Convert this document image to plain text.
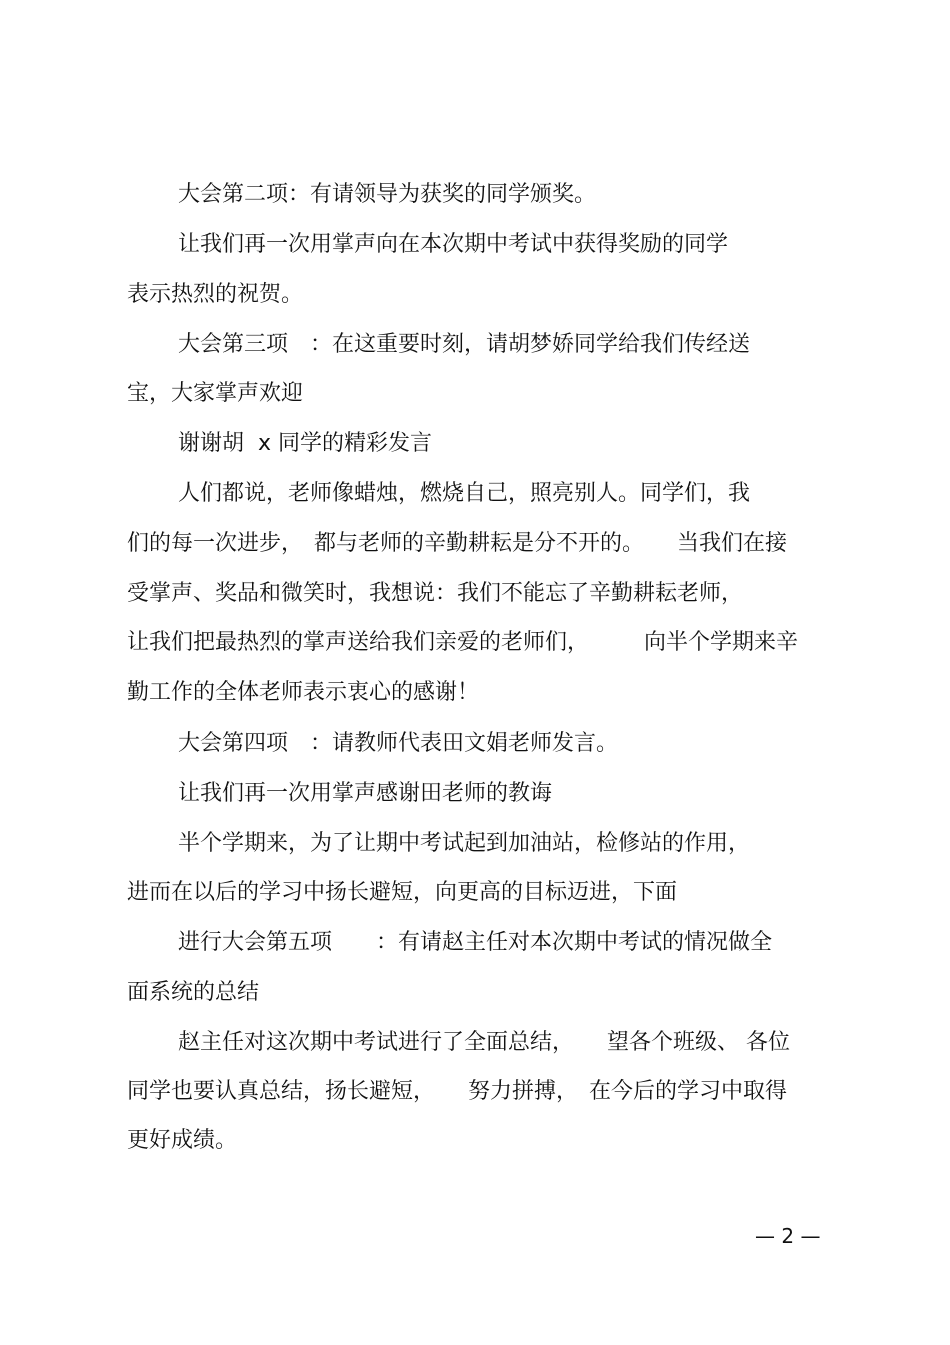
大会第二项：有请领导为获奖的同学颁奖。

让我们再一次用掌声向在本次期中考试中获得奖励的同学

表示热烈的祝贺。

大会第三项　：在这重要时刻，请胡梦娇同学给我们传经送

宝，大家掌声欢迎

谢谢胡  x 同学的精彩发言

人们都说，老师像蜡烛，燃烧自己，照亮别人。同学们，我

们的每一次进步，　都与老师的辛勤耕耘是分不开的。　　当我们在接

受掌声、奖品和微笑时，我想说：我们不能忘了辛勤耕耘老师，

让我们把最热烈的掌声送给我们亲爱的老师们，　　　向半个学期来辛

勤工作的全体老师表示衷心的感谢！

大会第四项　：请教师代表田文娟老师发言。

让我们再一次用掌声感谢田老师的教诲

半个学期来，为了让期中考试起到加油站，检修站的作用，

进而在以后的学习中扬长避短，向更高的目标迈进，下面

进行大会第五项　　：有请赵主任对本次期中考试的情况做全

面系统的总结

赵主任对这次期中考试进行了全面总结，　　望各个班级、 各位

同学也要认真总结，扬长避短，　　努力拼搏，　在今后的学习中取得

更好成绩。

— 2 —
